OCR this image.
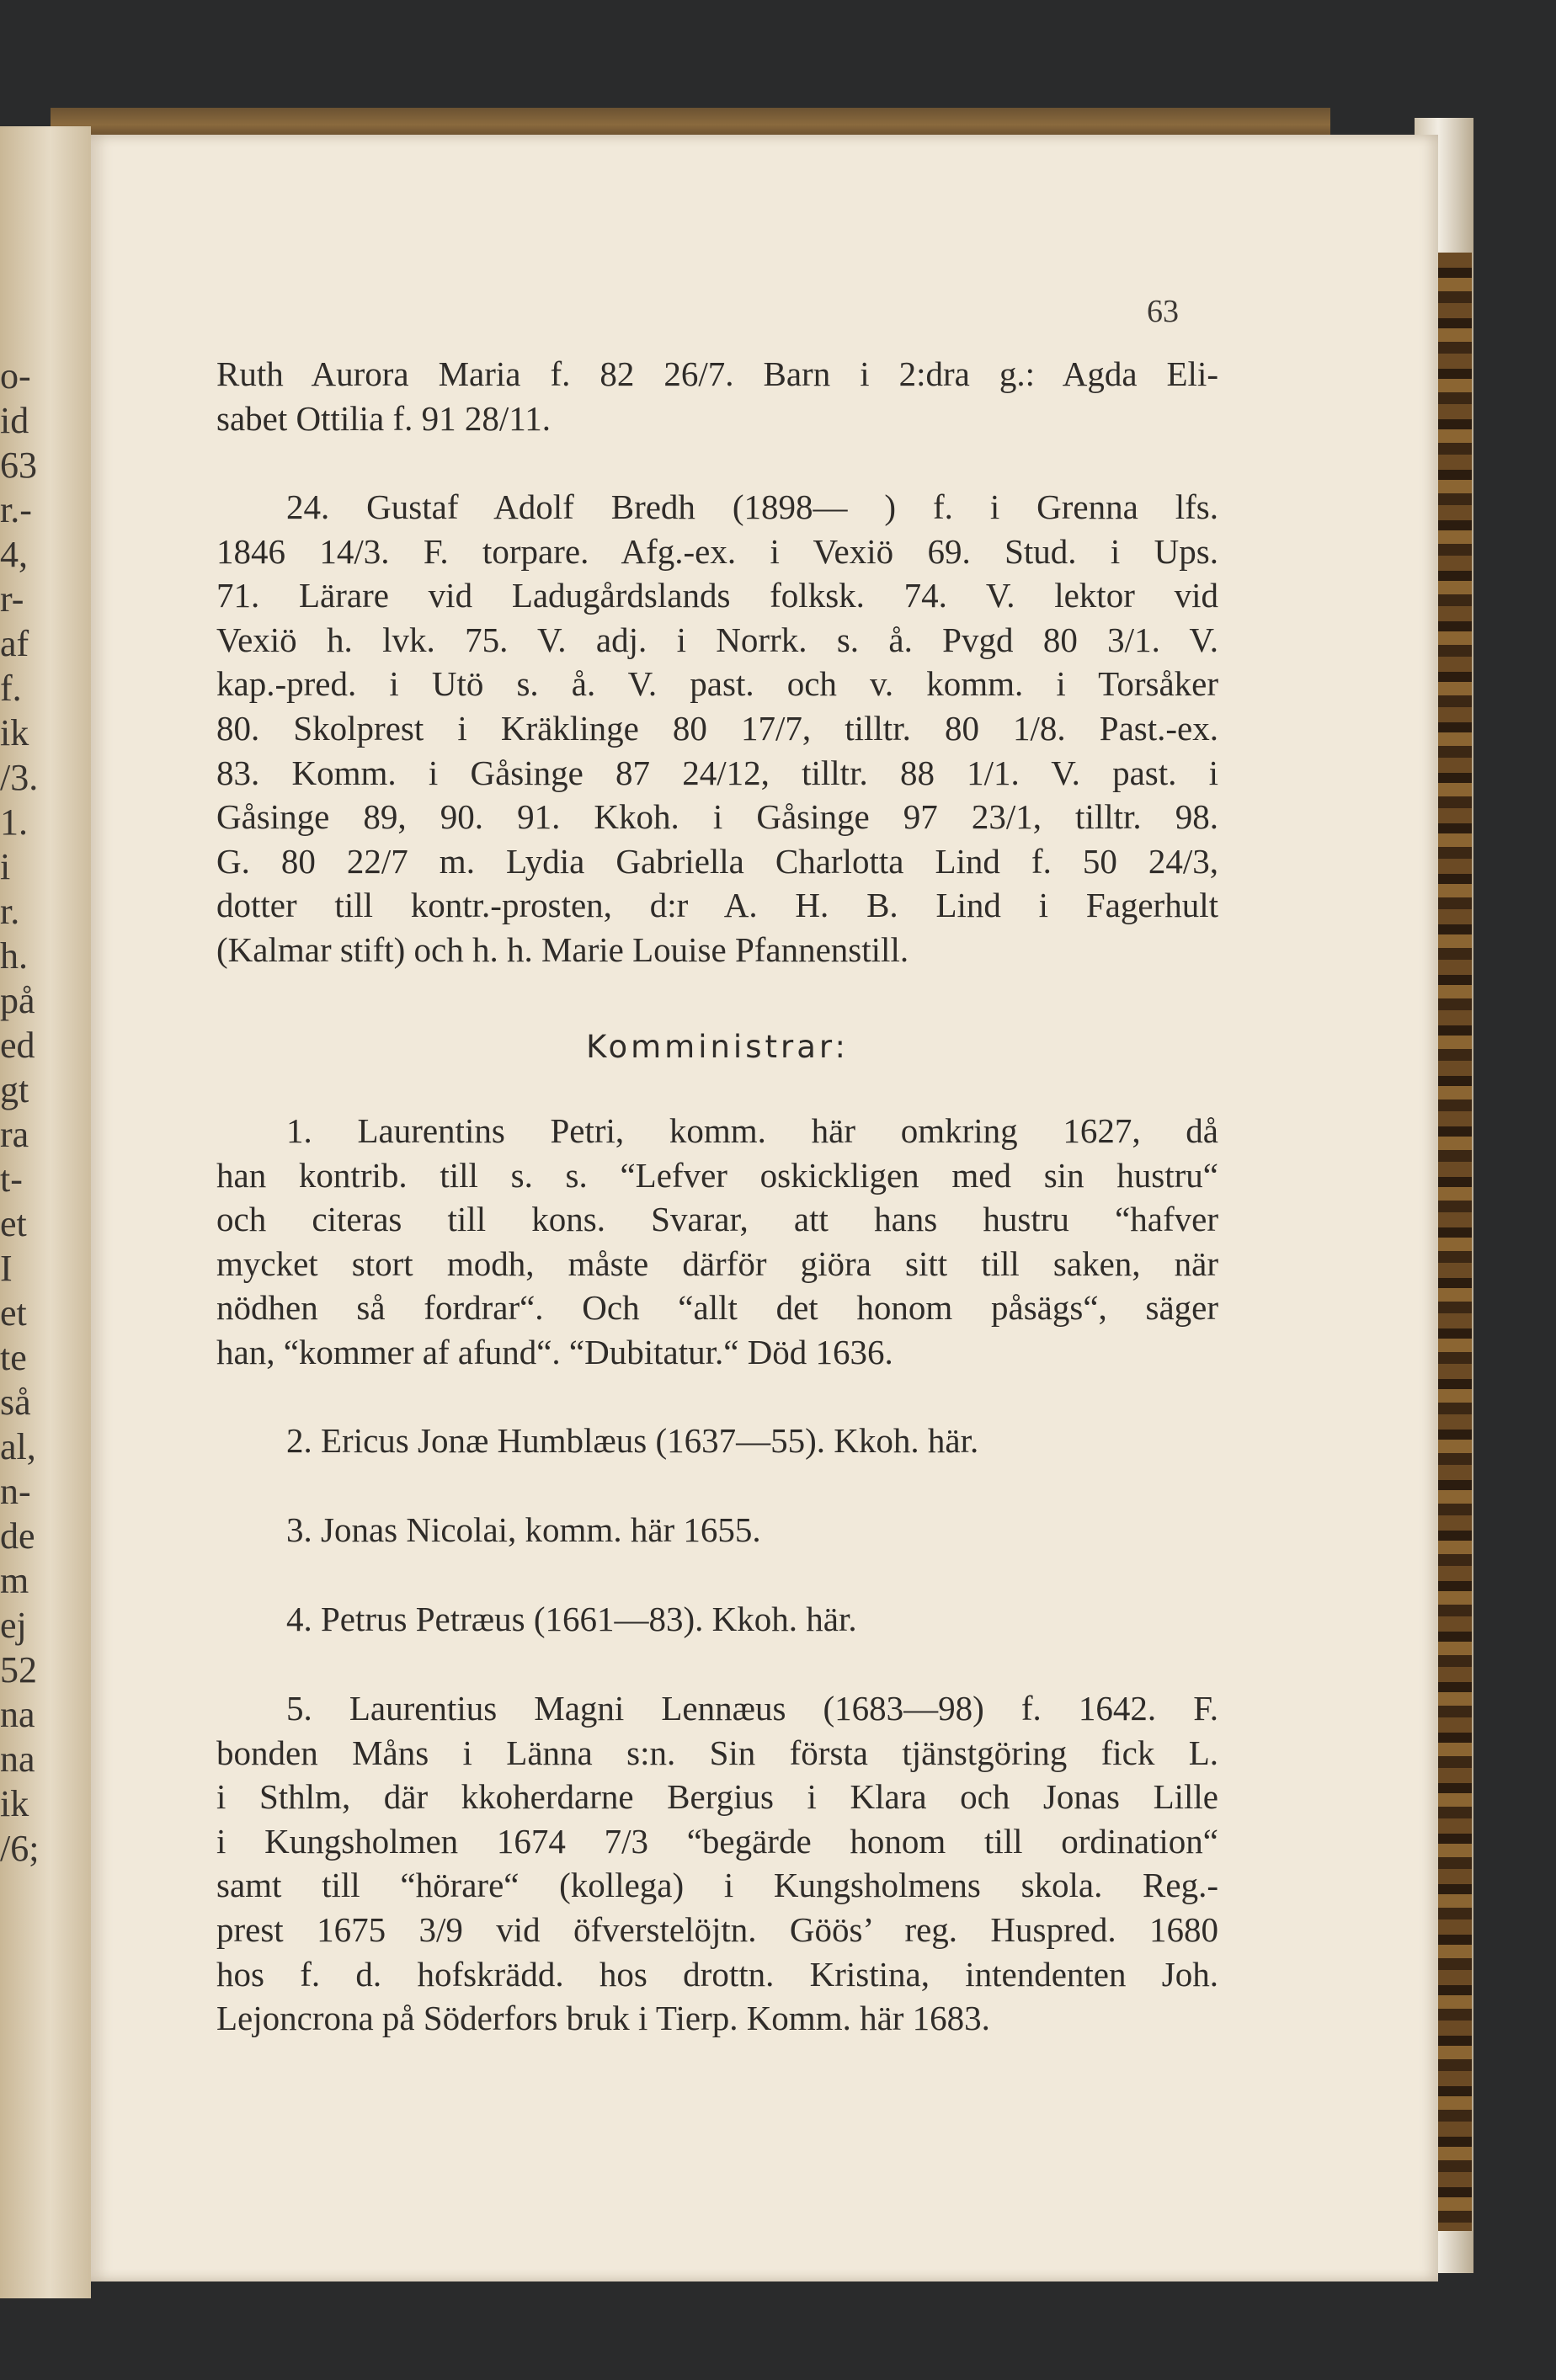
o-
id
63
r.-
4,
r-
af
f.
ik
/3.
1.
i
r.
h.
på
ed
gt
ra
t-
et
I
et
te
så
al,
n-
de
m
ej
52
na
na
ik
/6;
63
Ruth Aurora Maria f. 82 26/7. Barn i 2:dra g.: Agda Eli-
sabet Ottilia f. 91 28/11.
24. Gustaf Adolf Bredh (1898— ) f. i Grenna lfs.
1846 14/3. F. torpare. Afg.-ex. i Vexiö 69. Stud. i Ups.
71. Lärare vid Ladugårdslands folksk. 74. V. lektor vid
Vexiö h. lvk. 75. V. adj. i Norrk. s. å. Pvgd 80 3/1. V.
kap.-pred. i Utö s. å. V. past. och v. komm. i Torsåker
80. Skolprest i Kräklinge 80 17/7, tilltr. 80 1/8. Past.-ex.
83. Komm. i Gåsinge 87 24/12, tilltr. 88 1/1. V. past. i
Gåsinge 89, 90. 91. Kkoh. i Gåsinge 97 23/1, tilltr. 98.
G. 80 22/7 m. Lydia Gabriella Charlotta Lind f. 50 24/3,
dotter till kontr.-prosten, d:r A. H. B. Lind i Fagerhult
(Kalmar stift) och h. h. Marie Louise Pfannenstill.
Komministrar:
1. Laurentins Petri, komm. här omkring 1627, då
han kontrib. till s. s. “Lefver oskickligen med sin hustru“
och citeras till kons. Svarar, att hans hustru “hafver
mycket stort modh, måste därför giöra sitt till saken, när
nödhen så fordrar“. Och “allt det honom påsägs“, säger
han, “kommer af afund“. “Dubitatur.“ Död 1636.
2. Ericus Jonæ Humblæus (1637—55). Kkoh. här.
3. Jonas Nicolai, komm. här 1655.
4. Petrus Petræus (1661—83). Kkoh. här.
5. Laurentius Magni Lennæus (1683—98) f. 1642. F.
bonden Måns i Länna s:n. Sin första tjänstgöring fick L.
i Sthlm, där kkoherdarne Bergius i Klara och Jonas Lille
i Kungsholmen 1674 7/3 “begärde honom till ordination“
samt till “hörare“ (kollega) i Kungsholmens skola. Reg.-
prest 1675 3/9 vid öfverstelöjtn. Göös’ reg. Huspred. 1680
hos f. d. hofskrädd. hos drottn. Kristina, intendenten Joh.
Lejoncrona på Söderfors bruk i Tierp. Komm. här 1683.
